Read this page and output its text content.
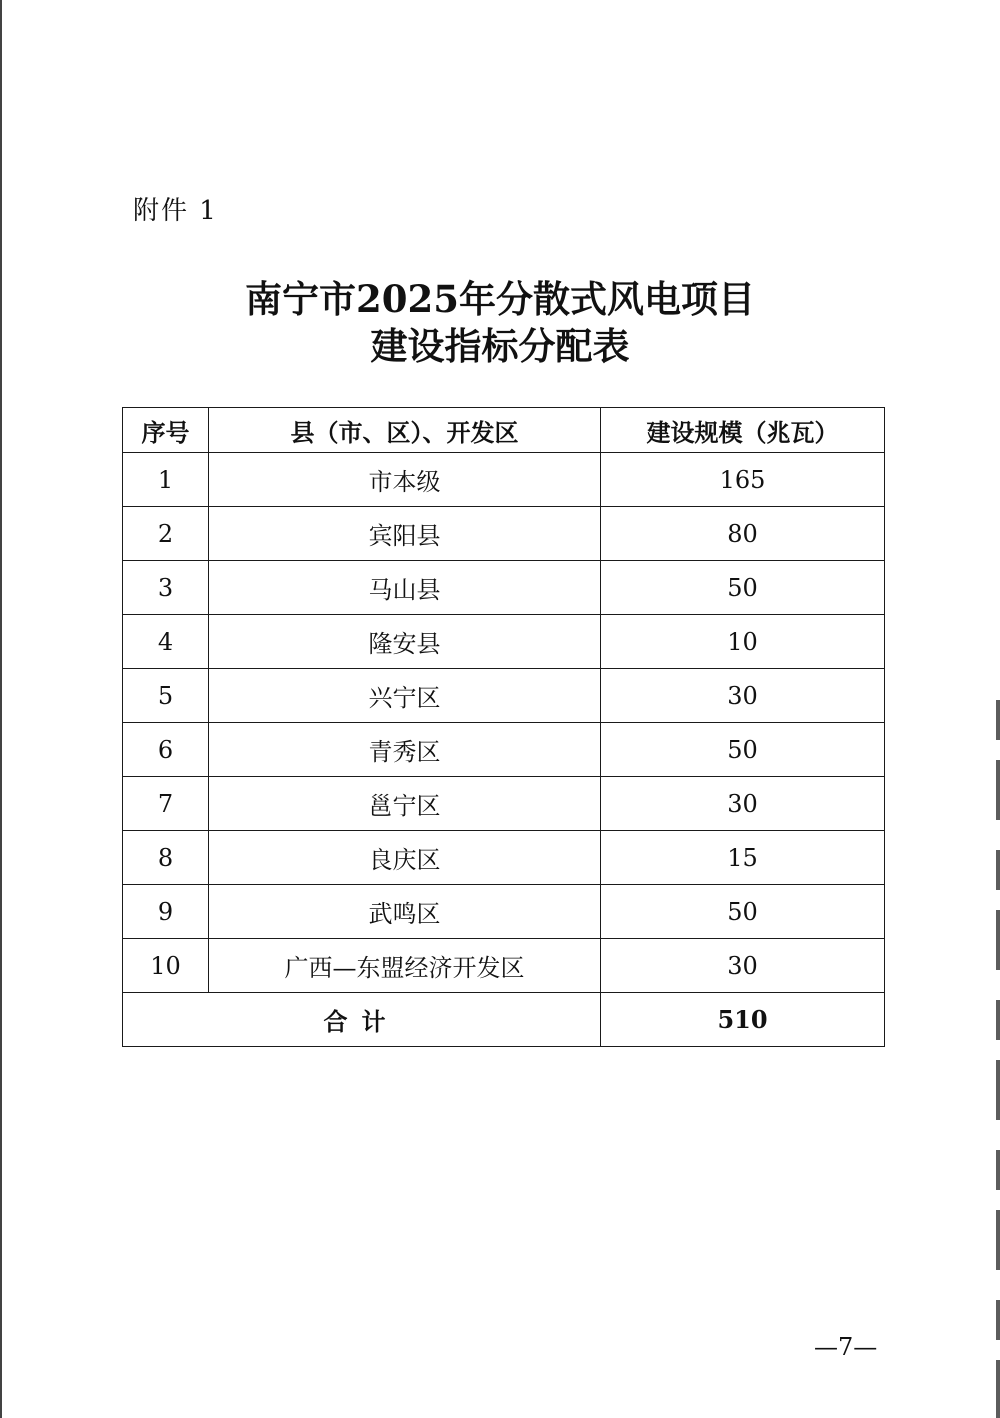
附件 1
南宁市2025年分散式风电项目
建设指标分配表
序号	县（市、区）、开发区	建设规模（兆瓦）
1	市本级	165
2	宾阳县	80
3	马山县	50
4	隆安县	10
5	兴宁区	30
6	青秀区	50
7	邕宁区	30
8	良庆区	15
9	武鸣区	50
10	广西—东盟经济开发区	30
合计		510
—7—
